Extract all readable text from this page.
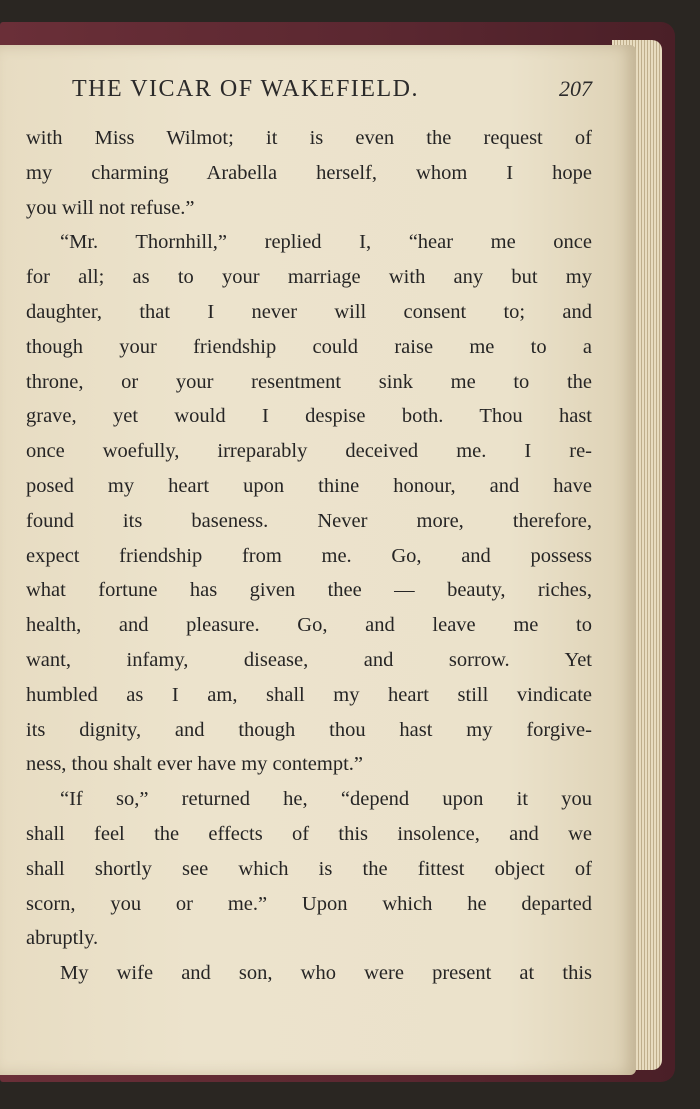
THE VICAR OF WAKEFIELD.	207
with Miss Wilmot; it is even the request of
my charming Arabella herself, whom I hope
you will not refuse.”
“Mr. Thornhill,” replied I, “hear me once
for all; as to your marriage with any but my
daughter, that I never will consent to; and
though your friendship could raise me to a
throne, or your resentment sink me to the
grave, yet would I despise both. Thou hast
once woefully, irreparably deceived me. I re-
posed my heart upon thine honour, and have
found its baseness. Never more, therefore,
expect friendship from me. Go, and possess
what fortune has given thee — beauty, riches,
health, and pleasure. Go, and leave me to
want, infamy, disease, and sorrow. Yet
humbled as I am, shall my heart still vindicate
its dignity, and though thou hast my forgive-
ness, thou shalt ever have my contempt.”
“If so,” returned he, “depend upon it you
shall feel the effects of this insolence, and we
shall shortly see which is the fittest object of
scorn, you or me.” Upon which he departed
abruptly.
My wife and son, who were present at this
